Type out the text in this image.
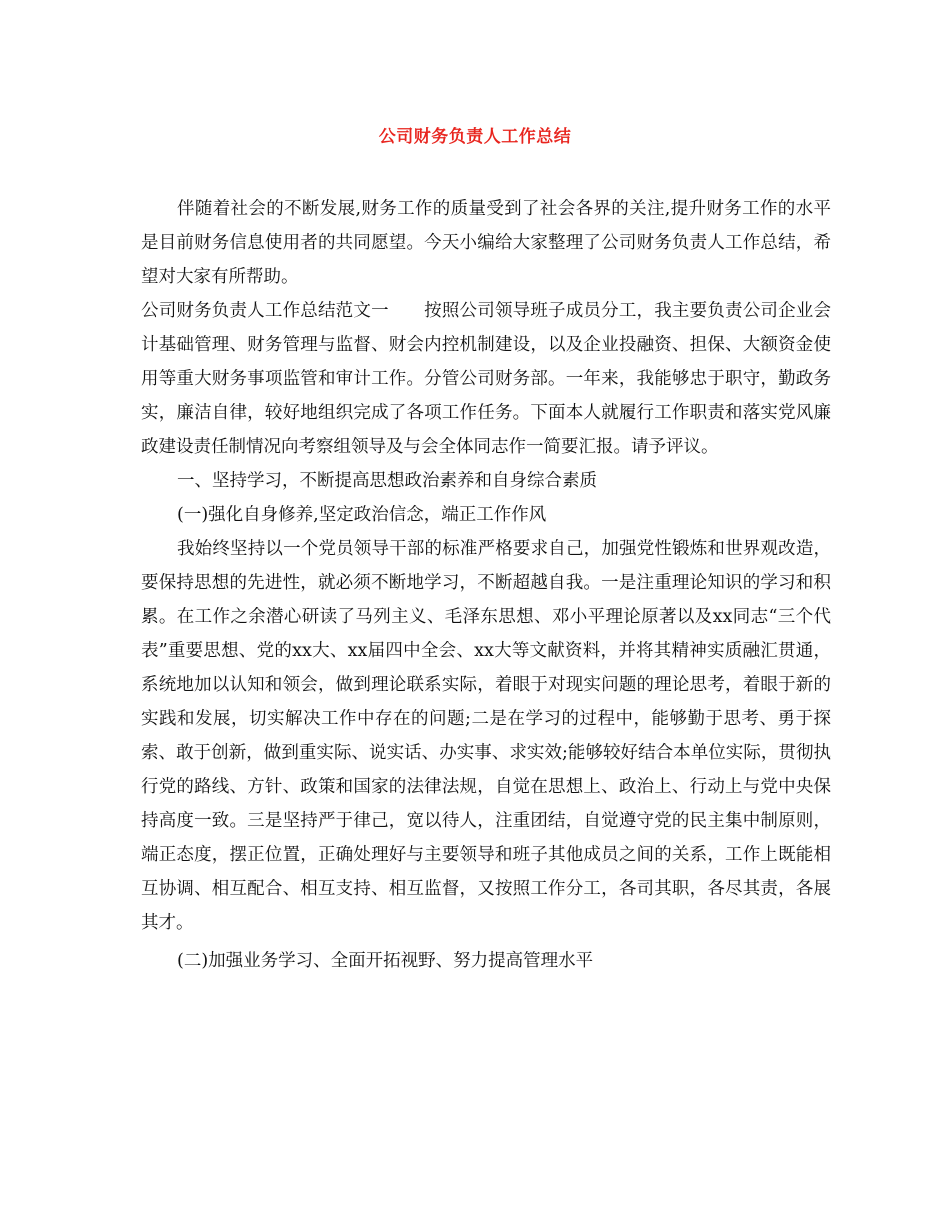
公司财务负责人工作总结

伴随着社会的不断发展,财务工作的质量受到了社会各界的关注,提升财务工作的水平是目前财务信息使用者的共同愿望。今天小编给大家整理了公司财务负责人工作总结，希望对大家有所帮助。

公司财务负责人工作总结范文一　　按照公司领导班子成员分工，我主要负责公司企业会计基础管理、财务管理与监督、财会内控机制建设，以及企业投融资、担保、大额资金使用等重大财务事项监管和审计工作。分管公司财务部。一年来，我能够忠于职守，勤政务实，廉洁自律，较好地组织完成了各项工作任务。下面本人就履行工作职责和落实党风廉政建设责任制情况向考察组领导及与会全体同志作一简要汇报。请予评议。

一、坚持学习，不断提高思想政治素养和自身综合素质

(一)强化自身修养,坚定政治信念，端正工作作风

我始终坚持以一个党员领导干部的标准严格要求自己，加强党性锻炼和世界观改造，要保持思想的先进性，就必须不断地学习，不断超越自我。一是注重理论知识的学习和积累。在工作之余潜心研读了马列主义、毛泽东思想、邓小平理论原著以及xx同志“三个代表”重要思想、党的xx大、xx届四中全会、xx大等文献资料，并将其精神实质融汇贯通，系统地加以认知和领会，做到理论联系实际，着眼于对现实问题的理论思考，着眼于新的实践和发展，切实解决工作中存在的问题;二是在学习的过程中，能够勤于思考、勇于探索、敢于创新，做到重实际、说实话、办实事、求实效;能够较好结合本单位实际，贯彻执行党的路线、方针、政策和国家的法律法规，自觉在思想上、政治上、行动上与党中央保持高度一致。三是坚持严于律己，宽以待人，注重团结，自觉遵守党的民主集中制原则，端正态度，摆正位置，正确处理好与主要领导和班子其他成员之间的关系，工作上既能相互协调、相互配合、相互支持、相互监督，又按照工作分工，各司其职，各尽其责，各展其才。

(二)加强业务学习、全面开拓视野、努力提高管理水平
